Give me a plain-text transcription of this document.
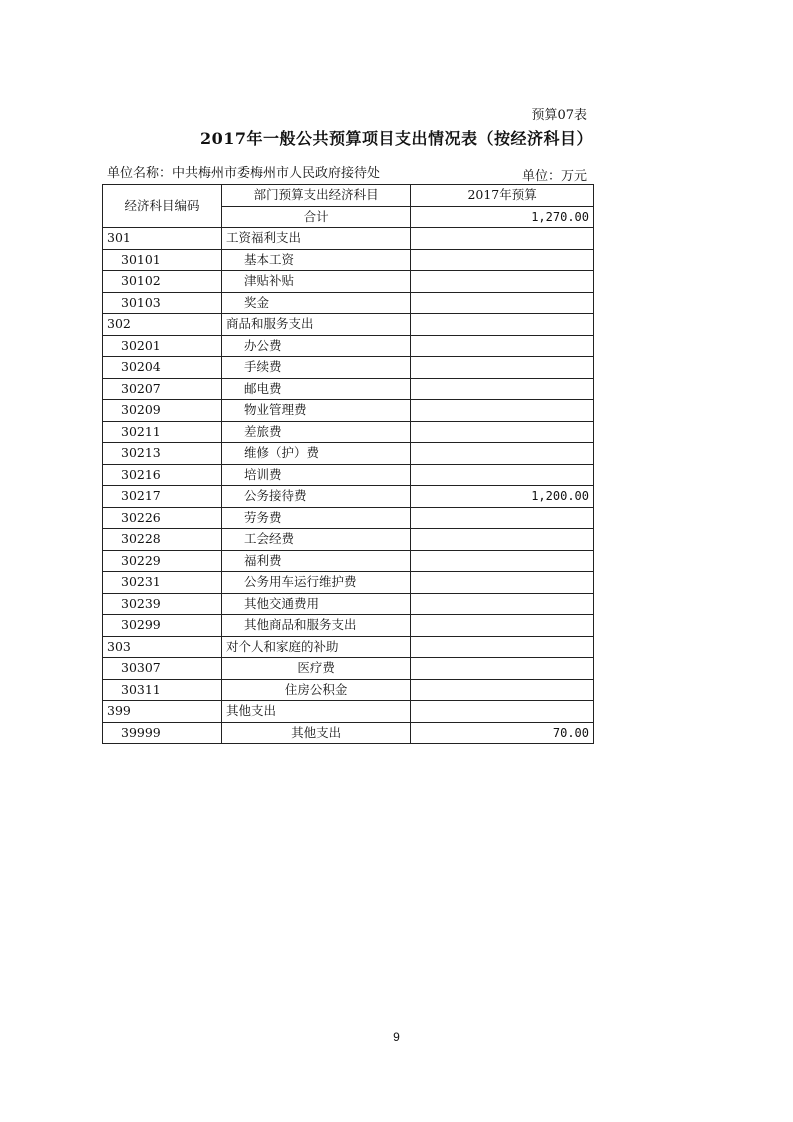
预算07表
2017年一般公共预算项目支出情况表（按经济科目）
单位名称：中共梅州市委梅州市人民政府接待处	单位：万元
经济科目编码	部门预算支出经济科目	2017年预算
	合计	1,270.00
301	工资福利支出	
30101	基本工资	
30102	津贴补贴	
30103	奖金	
302	商品和服务支出	
30201	办公费	
30204	手续费	
30207	邮电费	
30209	物业管理费	
30211	差旅费	
30213	维修（护）费	
30216	培训费	
30217	公务接待费	1,200.00
30226	劳务费	
30228	工会经费	
30229	福利费	
30231	公务用车运行维护费	
30239	其他交通费用	
30299	其他商品和服务支出	
303	对个人和家庭的补助	
30307	医疗费	
30311	住房公积金	
399	其他支出	
39999	其他支出	70.00
9
